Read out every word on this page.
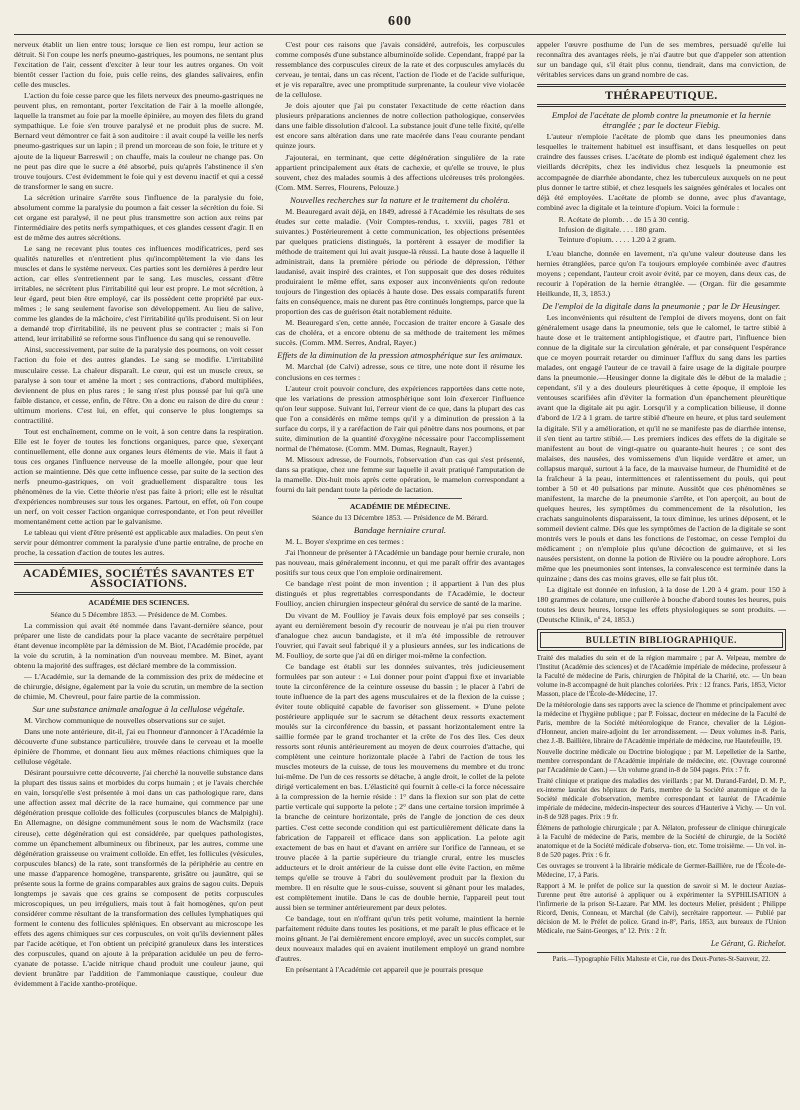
600

nerveux établit un lien entre tous; lorsque ce lien est rompu, leur action se détruit. Si l'on coupe les nerfs pneumo-gastriques, les poumons, ne sentant plus l'excitation de l'air, cessent d'exciter à leur tour les autres organes. On voit bientôt cesser l'action du foie, puis celle reins, des glandes salivaires, enfin celle des muscles.

L'action du foie cesse parce que les filets nerveux des pneumo-gastriques ne peuvent plus, en remontant, porter l'excitation de l'air à la moelle allongée, laquelle la transmet au foie par la moelle épinière, au moyen des filets du grand sympathique. Le foie s'en trouve paralysé et ne produit plus de sucre. M. Bernard veut démontrer ce fait à son auditoire : il avait coupé la veille les nerfs pneumo-gastriques sur un lapin ; il prend un morceau de son foie, le triture et y ajoute de la liqueur Barreswil ; on chauffe, mais la couleur ne change pas. On ne peut pas dire que le sucre a été absorbé, puis qu'après l'abstinence il s'en trouve toujours. C'est évidemment le foie qui y est devenu inactif et qui a cessé de transformer le sang en sucre.

La sécrétion urinaire s'arrête sous l'influence de la paralysie du foie, absolument comme la paralysie du poumon a fait cesser la sécrétion du foie. Si cet organe est paralysé, il ne peut plus transmettre son action aux reins par l'intermédiaire des petits nerfs sympathiques, et ces glandes cessent d'agir. Il en est de même des autres sécrétions.

Le sang ne recevant plus toutes ces influences modificatrices, perd ses qualités naturelles et n'entretient plus qu'incomplètement la vie dans les muscles et dans le système nerveux. Ces parties sont les dernières à perdre leur action, car elles s'entretiennent par le sang. Les muscles, cessant d'être irritables, ne sécrètent plus l'irritabilité qui leur est propre. Le mot sécrétion, à leur égard, peut bien être employé, car ils possèdent cette propriété par eux-mêmes ; le sang seulement favorise son développement. Au lieu de salive, comme les glandes de la mâchoire, c'est l'irritabilité qu'ils produisent. Si on leur a demandé trop d'irritabilité, ils ne peuvent plus se contracter ; mais si l'on attend, leur irritabilité se reforme sous l'influence du sang qui se renouvelle.

Ainsi, successivement, par suite de la paralysie des poumons, on voit cesser l'action du foie et des autres glandes. Le sang se modifie. L'irritabilité musculaire cesse. La chaleur disparaît. Le cœur, qui est un muscle creux, se paralyse à son tour et amène la mort ; ses contractions, d'abord multipliées, deviennent de plus en plus rares ; le sang n'est plus poussé par lui qu'à une faible distance, et cesse, enfin, de l'être. On a donc eu raison de dire du cœur : ultimum moriens. C'est lui, en effet, qui conserve le plus longtemps sa contractilité.

Tout est enchaînement, comme on le voit, à son centre dans la respiration. Elle est le foyer de toutes les fonctions organiques, parce que, s'exerçant continuellement, elle donne aux organes leurs éléments de vie. Mais il faut à tous ces organes l'influence nerveuse de la moelle allongée, pour que leur action se maintienne. Dès que cette influence cesse, par suite de la section des nerfs pneumo-gastriques, on voit graduellement disparaître tous les phénomènes de la vie. Cette théorie n'est pas faite à priori; elle est le résultat d'expériences nombreuses sur tous les organes. Partout, en effet, où l'on coupe un nerf, on voit cesser l'action organique correspondante, et l'on peut réveiller momentanément cette action par le galvanisme.

Le tableau qui vient d'être présenté est applicable aux maladies. On peut s'en servir pour démontrer comment la paralysie d'une partie entraîne, de proche en proche, la cessation d'action de toutes les autres.

ACADÉMIES, SOCIÉTÉS SAVANTES ET ASSOCIATIONS.
ACADÉMIE DES SCIENCES.
Séance du 5 Décembre 1853. — Présidence de M. Combes.

La commission qui avait été nommée dans l'avant-dernière séance, pour préparer une liste de candidats pour la place vacante de secrétaire perpétuel étant devenue incomplète par la démission de M. Biot, l'Académie procède, par la voie du scrutin, à la nomination d'un nouveau membre. M. Binet, ayant obtenu la majorité des suffrages, est déclaré membre de la commission.

— L'Académie, sur la demande de la commission des prix de médecine et de chirurgie, désigne, également par la voie du scrutin, un membre de la section de chimie, M. Chevreul, pour faire partie de la commission.

Sur une substance animale analogue à la cellulose végétale.

M. Virchow communique de nouvelles observations sur ce sujet.

Dans une note antérieure, dit-il, j'ai eu l'honneur d'annoncer à l'Académie la découverte d'une substance particulière, trouvée dans le cerveau et la moelle épinière de l'homme, et donnant lieu aux mêmes réactions chimiques que la cellulose végétale.

Désirant poursuivre cette découverte, j'ai cherché la nouvelle substance dans la plupart des tissus sains et morbides du corps humain ; et je l'avais cherchée en vain, lorsqu'elle s'est présentée à moi dans un cas pathologique rare, dans une affection assez mal décrite de la race humaine, qui commence par une dégénération presque colloïde des follicules (corpuscules blancs de Malpighi). En Allemagne, on désigne communément sous le nom de Wachsmilz (race cireuse), cette dégénération qui est considérée, par quelques pathologistes, comme un épanchement albumineux ou fibrineux, par les autres, comme une dégénération graisseuse ou vraiment colloïde. En effet, les follicules (vésicules, corpuscules blancs) de la rate, sont transformés de la périphérie au centre en une masse d'apparence homogène, transparente, grisâtre ou jaunâtre, qui se présente sous la forme de grains comparables aux grains de sagou cuits. Depuis longtemps je savais que ces grains se composent de petits corpuscules microscopiques, un peu irréguliers, mais tout à fait homogènes, qu'on peut considérer comme résultant de la transformation des cellules lymphatiques qui forment le contenu des follicules spléniques. En observant au microscope les effets des agens chimiques sur ces corpuscules, on voit qu'ils deviennent pâles par l'acide acétique, et l'on obtient un précipité granuleux dans les interstices des corpuscules, quand on ajoute à la préparation acidulée un peu de ferro-cyanate de potasse. L'acide nitrique chaud produit une couleur jaune, qui devient brunâtre par l'addition de l'ammoniaque caustique, couleur due évidemment à l'acide xantho-protéique.

C'est pour ces raisons que j'avais considéré, autrefois, les corpuscules comme composés d'une substance albuminoïde solide. Cependant, frappé par la ressemblance des corpuscules cireux de la rate et des corpuscules amylacés du cerveau, je tentai, dans un cas récent, l'action de l'iode et de l'acide sulfurique, et je vis reparaître, avec une promptitude surprenante, la couleur vive violacée de la cellulose.

Je dois ajouter que j'ai pu constater l'exactitude de cette réaction dans plusieurs préparations anciennes de notre collection pathologique, conservées dans une faible dissolution d'alcool. La substance jouit d'une telle fixité, qu'elle est encore sans altération dans une rate macérée dans l'eau courante pendant quinze jours.

J'ajouterai, en terminant, que cette dégénération singulière de la rate appartient principalement aux états de cachexie, et qu'elle se trouve, le plus souvent, chez des malades soumis à des affections ulcéreuses très prolongées. (Com. MM. Serres, Flourens, Pelouze.)

Nouvelles recherches sur la nature et le traitement du choléra.

M. Beauregard avait déjà, en 1849, adressé à l'Académie les résultats de ses études sur cette maladie. (Voir Comptes-rendus, t. xxviii, pages 781 et suivantes.) Postérieurement à cette communication, les objections présentées par quelques praticiens distingués, la portèrent à essayer de modifier la méthode de traitement qui lui avait jusque-là réussi. La haute dose à laquelle il administrait, dans la première période ou période de dépression, l'éther laudanisé, avait inspiré des craintes, et l'on supposait que des doses réduites produiraient le même effet, sans exposer aux inconvénients qu'on redoute toujours de l'ingestion des opiacés à haute dose. Des essais comparatifs furent faits en conséquence, mais ne durent pas être continués longtemps, parce que la proportion des cas de guérison était notablement réduite.

M. Beauregard s'en, cette année, l'occasion de traiter encore à Gasale des cas de choléra, et a encore obtenu de sa méthode de traitement les mêmes succès. (Comm. MM. Serres, Andral, Rayer.)

Effets de la diminution de la pression atmosphérique sur les animaux.

M. Marchal (de Calvi) adresse, sous ce titre, une note dont il résume les conclusions en ces termes :

L'auteur croit pouvoir conclure, des expériences rapportées dans cette note, que les variations de pression atmosphérique sont loin d'exercer l'influence qu'on leur suppose. Suivant lui, l'erreur vient de ce que, dans la plupart des cas que l'on a considérés en même temps qu'il y a diminution de pression à la surface du corps, il y a raréfaction de l'air qui pénètre dans nos poumons, et par suite, diminution de la quantité d'oxygène nécessaire pour l'accomplissement normal de l'hématose. (Comm. MM. Dumas, Regnault, Rayer.)

M. Missoux adresse, de Fournols, l'observation d'un cas qui s'est présenté, dans sa pratique, chez une femme sur laquelle il avait pratiqué l'amputation de la mamelle. Dix-huit mois après cette opération, le mamelon correspondant a fourni du lait pendant toute la période de lactation.

ACADÉMIE DE MÉDECINE.
Séance du 13 Décembre 1853. — Présidence de M. Bérard.
Bandage herniaire crural.

M. L. Boyer s'exprime en ces termes :

J'ai l'honneur de présenter à l'Académie un bandage pour hernie crurale, non pas nouveau, mais généralement inconnu, et qui me paraît offrir des avantages positifs sur tous ceux que l'on emploie ordinairement.

Ce bandage n'est point de mon invention ; il appartient à l'un des plus distingués et plus regrettables correspondants de l'Académie, le docteur Foullioy, ancien chirurgien inspecteur général du service de santé de la marine.

Du vivant de M. Foullioy je l'avais deux fois employé par ses conseils ; ayant eu dernièrement besoin d'y recourir de nouveau je n'ai pu rien trouver d'analogue chez aucun bandagiste, et il m'a été impossible de retrouver l'ouvrier, qui l'avait seul fabriqué il y a plusieurs années, sur les indications de M. Foullioy, de sorte que j'ai dû en diriger moi-même la confection.

Ce bandage est établi sur les données suivantes, très judicieusement formulées par son auteur : « Lui donner pour point d'appui fixe et invariable toute la circonférence de la ceinture osseuse du bassin ; le placer à l'abri de toute influence de la part des agens musculaires et de la flexion de la cuisse ; éviter toute obliquité capable de favoriser son glissement. » D'une pelote postérieure appliquée sur le sacrum se détachent deux ressorts exactement moulés sur la circonférence du bassin, et passant horizontalement entre la saillie formée par le grand trochanter et la crête de l'os des îles. Ces deux ressorts sont réunis antérieurement au moyen de deux courroies d'attache, qui complètent une ceinture horizontale placée à l'abri de l'action de tous les muscles moteurs de la cuisse, de tous les mouvemens du membre et du tronc lui-même. De l'un de ces ressorts se détache, à angle droit, le collet de la pelote dirigé verticalement en bas. L'élasticité qui fournit à celle-ci la force nécessaire à la compression de la hernie réside : 1° dans la flexion sur son plat de cette partie verticale qui supporte la pelote ; 2° dans une certaine torsion imprimée à la branche de ceinture horizontale, près de l'angle de jonction de ces deux parties. C'est cette seconde condition qui est particulièrement délicate dans la fabrication de l'appareil et efficace dans son application. La pelote agit exactement de bas en haut et d'avant en arrière sur l'orifice de l'anneau, et se trouve placée à la partie supérieure du triangle crural, entre les muscles adducteurs et le droit antérieur de la cuisse dont elle évite l'action, en même temps qu'elle se trouve à l'abri du soulèvement produit par la flexion du membre. Il en résulte que le sous-cuisse, souvent si gênant pour les malades, est complètement inutile. Dans le cas de double hernie, l'appareil peut tout aussi bien se terminer antérieurement par deux pelotes.

Ce bandage, tout en n'offrant qu'un très petit volume, maintient la hernie parfaitement réduite dans toutes les positions, et me paraît le plus efficace et le moins gênant. Je l'ai dernièrement encore employé, avec un succès complet, sur deux nouveaux malades qui en avaient inutilement employé un grand nombre d'autres.

En présentant à l'Académie cet appareil que je pourrais presque

appeler l'œuvre posthume de l'un de ses membres, persuadé qu'elle lui reconnaîtra des avantages réels, je n'ai d'autre but que d'appeler son attention sur un bandage qui, s'il était plus connu, tiendrait, dans ma conviction, de véritables services dans un grand nombre de cas.

THÉRAPEUTIQUE.
Emploi de l'acétate de plomb contre la pneumonie et la hernie étranglée ; par le docteur Fiebig.

L'auteur n'emploie l'acétate de plomb que dans les pneumonies dans lesquelles le traitement habituel est insuffisant, et dans lesquelles on peut craindre des fausses crises. L'acétate de plomb est indiqué également chez les vieillards décrépits, chez les individus chez lesquels la pneumonie est accompagnée de diarrhée abondante, chez les tuberculeux auxquels on ne peut plus donner le tartre stibié, et chez lesquels les saignées générales et locales ont déjà été employées. L'acétate de plomb se donne, avec plus d'avantage, combiné avec la digitale et la teinture d'opium. Voici la formule :

R. Acétate de plomb. . . de 15 à 30 centig.
Infusion de digitale. . . . 180 gram.
Teinture d'opium. . . . . 1.20 à 2 gram.

L'eau blanche, donnée en lavement, n'a qu'une valeur douteuse dans les hernies étranglées, parce qu'on l'a toujours employée combinée avec d'autres moyens ; cependant, l'auteur croit avoir évité, par ce moyen, dans deux cas, de recourir à l'opération de la hernie étranglée. — (Organ. für die gesammte Heilkunde, II, 3, 1853.)

De l'emploi de la digitale dans la pneumonie ; par le Dr Heusinger.

Les inconvénients qui résultent de l'emploi de divers moyens, dont on fait généralement usage dans la pneumonie, tels que le calomel, le tartre stibié à haute dose et le traitement antiphlogistique, et d'autre part, l'influence bien connue de la digitale sur la circulation générale, et par conséquent l'espérance que ce moyen pourrait retarder ou diminuer l'afflux du sang dans les parties malades, ont engagé l'auteur de ce travail à faire usage de la digitale pourpre dans la pneumonie.—Heusinger donne la digitale dès le début de la maladie ; cependant, s'il y a des douleurs pleurétiques à cette époque, il emploie les ventouses scarifiées afin d'éviter la formation d'un épanchement pleurétique avant que la digitale ait pu agir. Lorsqu'il y a complication bilieuse, il donne d'abord de 1/2 à 1 gram. de tartre stibié d'heure en heure, et plus tard seulement la digitale. S'il y a amélioration, et qu'il ne se manifeste pas de diarrhée intense, il s'en tient au tartre stibié.— Les premiers indices des effets de la digitale se manifestent au bout de vingt-quatre ou quarante-huit heures ; ce sont des malaises, des nausées, des vomissemens d'un liquide verdâtre et amer, un collapsus marqué, surtout à la face, de la mauvaise humeur, de l'humidité et de la fraîcheur à la peau, intermittences et ralentissement du pouls, qui peut tomber à 50 et 40 pulsations par minute. Aussitôt que ces phénomènes se manifestent, la marche de la pneumonie s'arrête, et l'on aperçoit, au bout de quelques heures, les symptômes du commencement de la résolution, les crachats sanguinolents disparaissent, la toux diminue, les urines déposent, et le sommeil devient calme. Dès que les symptômes de l'action de la digitale se sont montrés vers le pouls et dans les fonctions de l'estomac, on cesse l'emploi du médicament ; on n'emploie plus qu'une décoction de guimauve, et si les nausées persistent, on donne la potion de Rivière ou la poudre aérophore. Lors même que les pneumonies sont intenses, la convalescence est terminée dans la quinzaine ; dans des cas moins graves, elle se fait plus tôt.

La digitale est donnée en infusion, à la dose de 1.20 à 4 gram. pour 150 à 180 grammes de colature, une cuillerée à bouche d'abord toutes les heures, puis toutes les deux heures, lorsque les effets physiologiques se sont produits. — (Deutsche Klinik, nº 24, 1853.)

BULLETIN BIBLIOGRAPHIQUE.

Traité des maladies du sein et de la région mammaire ; par A. Velpeau, membre de l'Institut (Académie des sciences) et de l'Académie impériale de médecine, professeur à la Faculté de médecine de Paris, chirurgien de l'hôpital de la Charité, etc. — Un beau volume in-8 accompagné de huit planches coloriées. Prix : 12 francs. Paris, 1853, Victor Masson, place de l'École-de-Médecine, 17.

De la météorologie dans ses rapports avec la science de l'homme et principalement avec la médecine et l'hygiène publique ; par P. Foissac, docteur en médecine de la Faculté de Paris, membre de la Société météorologique de France, chevalier de la Légion-d'Honneur, ancien maire-adjoint du 1er arrondissement. — Deux volumes in-8. Paris, chez J.-B. Baillière, libraire de l'Académie impériale de médecine, rue Hautefeuille, 19.

Nouvelle doctrine médicale ou Doctrine biologique ; par M. Lepelletier de la Sarthe, membre correspondant de l'Académie impériale de médecine, etc. (Ouvrage couronné par l'Académie de Caen.) — Un volume grand in-8 de 504 pages. Prix : 7 fr.

Traité clinique et pratique des maladies des vieillards ; par M. Durand-Fardel, D. M. P., ex-interne lauréat des hôpitaux de Paris, membre de la Société anatomique et de la Société médicale d'observation, membre correspondant et lauréat de l'Académie impériale de médecine, médecin-inspecteur des sources d'Hauterive à Vichy. — Un vol. in-8 de 928 pages. Prix : 9 fr.

Élémens de pathologie chirurgicale ; par A. Nélaton, professeur de clinique chirurgicale à la Faculté de médecine de Paris, membre de la Société de chirurgie, de la Société anatomique et de la Société médicale d'observa- tion, etc. Tome troisième. — Un vol. in-8 de 520 pages. Prix : 6 fr.

Ces ouvrages se trouvent à la librairie médicale de Germer-Baillière, rue de l'École-de-Médecine, 17, à Paris.

Rapport à M. le préfet de police sur la question de savoir si M. le docteur Auzias-Turenne peut être autorisé à appliquer ou à expérimenter la SYPHILISATION à l'infirmerie de la prison St-Lazare. Par MM. les docteurs Melier, président ; Philippe Ricord, Denis, Conneau, et Marchal (de Calvi), secrétaire rapporteur. — Publié par décision de M. le Préfet de police. Grand in-8°, Paris, 1853, aux bureaux de l'Union Médicale, rue Saint-Georges, nº 12. Prix : 2 fr.

Le Gérant, G. Richelot.
Paris.—Typographie Félix Malteste et Cie, rue des Deux-Portes-St-Sauveur, 22.
